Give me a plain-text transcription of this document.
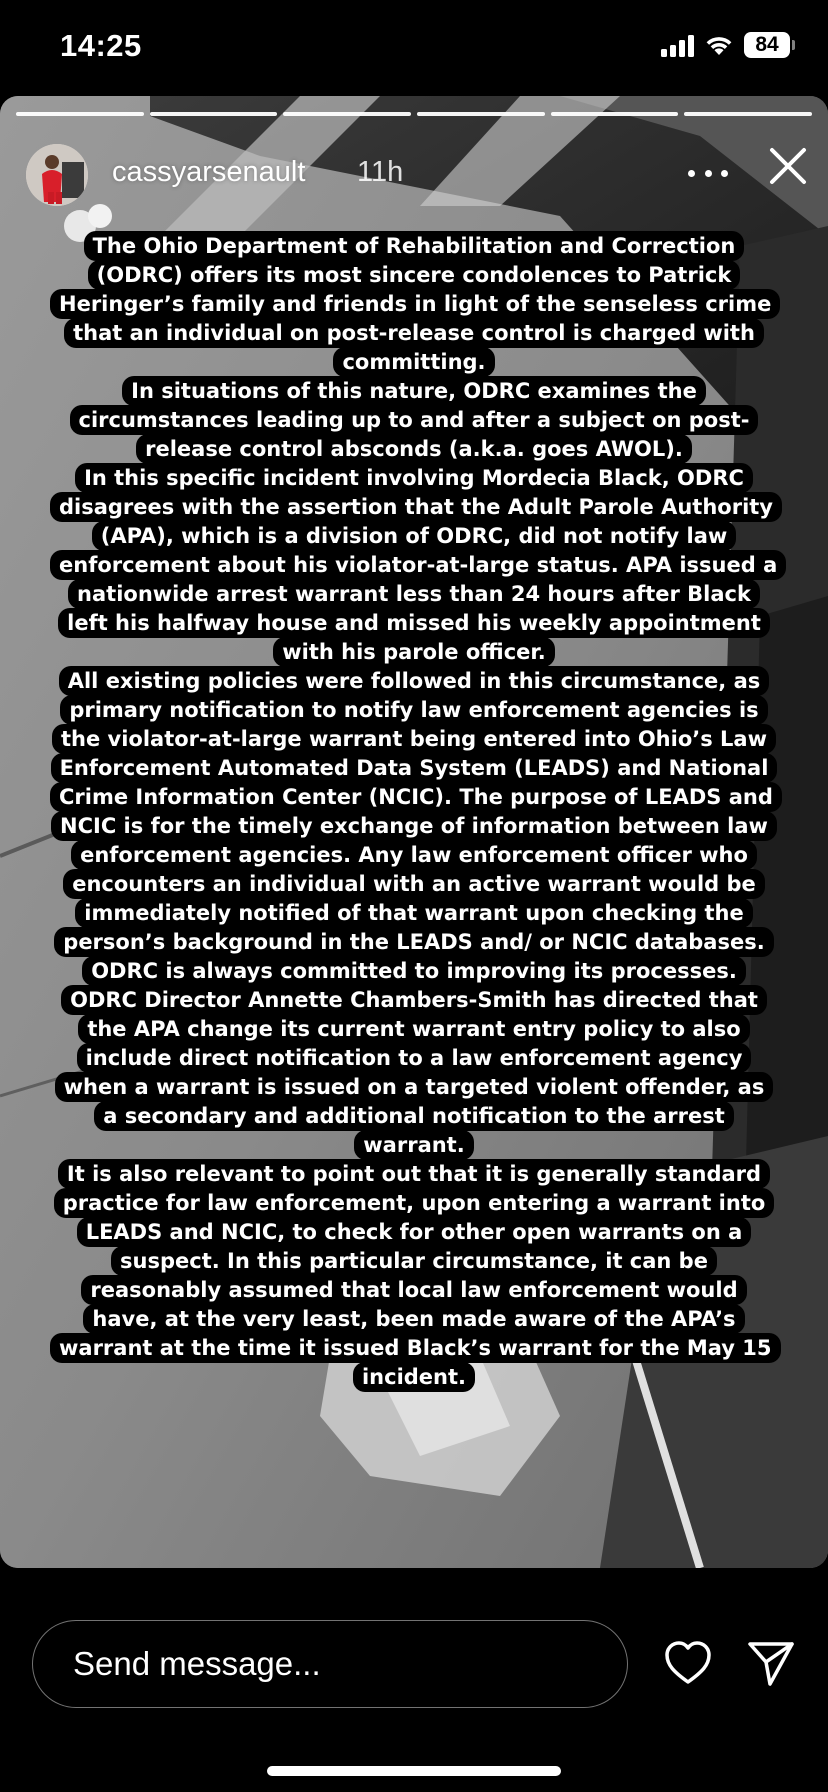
14:25	84
cassyarsenault 11h

The Ohio Department of Rehabilitation and Correction (ODRC) offers its most sincere condolences to Patrick Heringer’s family and friends in light of the senseless crime that an individual on post-release control is charged with committing.

In situations of this nature, ODRC examines the circumstances leading up to and after a subject on post-release control absconds (a.k.a. goes AWOL).

In this specific incident involving Mordecia Black, ODRC disagrees with the assertion that the Adult Parole Authority (APA), which is a division of ODRC, did not notify law enforcement about his violator-at-large status. APA issued a nationwide arrest warrant less than 24 hours after Black left his halfway house and missed his weekly appointment with his parole officer.

All existing policies were followed in this circumstance, as primary notification to notify law enforcement agencies is the violator-at-large warrant being entered into Ohio’s Law Enforcement Automated Data System (LEADS) and National Crime Information Center (NCIC). The purpose of LEADS and NCIC is for the timely exchange of information between law enforcement agencies. Any law enforcement officer who encounters an individual with an active warrant would be immediately notified of that warrant upon checking the person’s background in the LEADS and/ or NCIC databases.

ODRC is always committed to improving its processes. ODRC Director Annette Chambers-Smith has directed that the APA change its current warrant entry policy to also include direct notification to a law enforcement agency when a warrant is issued on a targeted violent offender, as a secondary and additional notification to the arrest warrant.

It is also relevant to point out that it is generally standard practice for law enforcement, upon entering a warrant into LEADS and NCIC, to check for other open warrants on a suspect. In this particular circumstance, it can be reasonably assumed that local law enforcement would have, at the very least, been made aware of the APA’s warrant at the time it issued Black’s warrant for the May 15 incident.

Send message...
